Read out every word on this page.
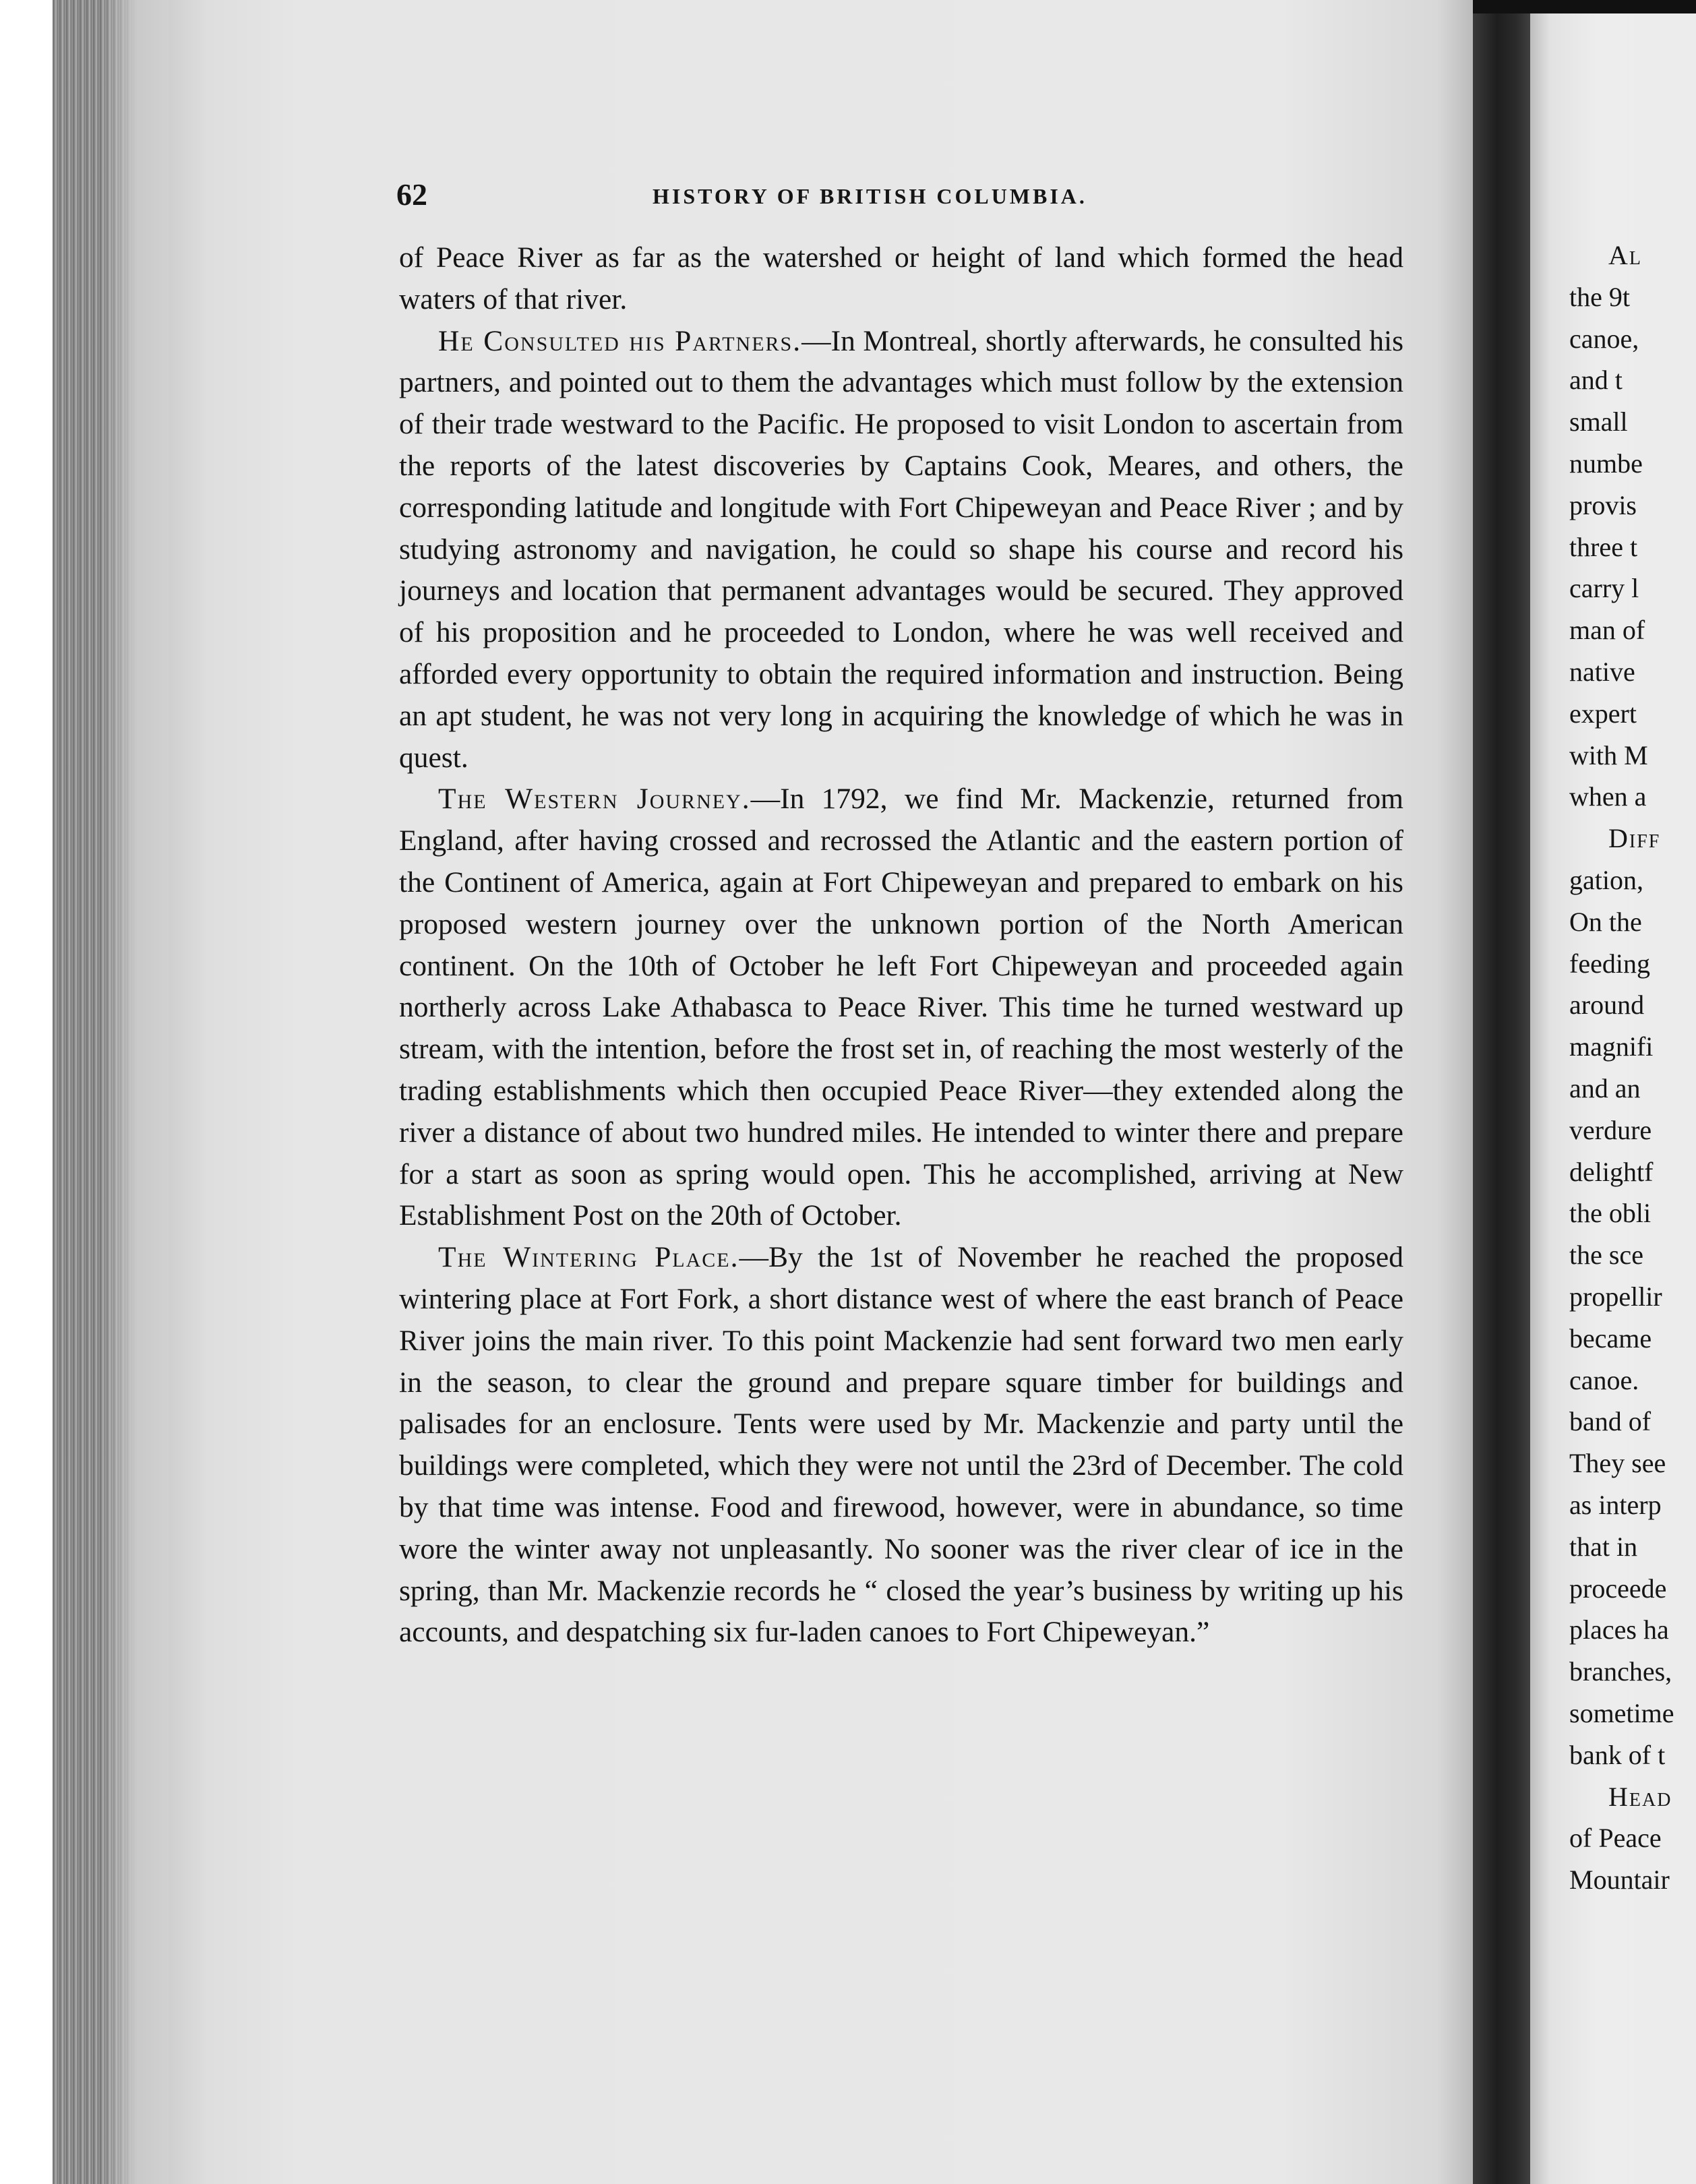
62	HISTORY OF BRITISH COLUMBIA.

of Peace River as far as the watershed or height of land which formed the head waters of that river.

He Consulted his Partners.—In Montreal, shortly afterwards, he consulted his partners, and pointed out to them the advantages which must follow by the extension of their trade westward to the Pacific. He proposed to visit London to ascertain from the reports of the latest discoveries by Captains Cook, Meares, and others, the corresponding latitude and longitude with Fort Chipeweyan and Peace River ; and by studying astronomy and navigation, he could so shape his course and record his journeys and location that permanent advantages would be secured. They approved of his proposition and he proceeded to London, where he was well received and afforded every opportunity to obtain the required information and instruction. Being an apt student, he was not very long in acquiring the knowledge of which he was in quest.

The Western Journey.—In 1792, we find Mr. Mackenzie, returned from England, after having crossed and recrossed the Atlantic and the eastern portion of the Continent of America, again at Fort Chipeweyan and prepared to embark on his proposed western journey over the unknown portion of the North American continent. On the 10th of October he left Fort Chipeweyan and proceeded again northerly across Lake Athabasca to Peace River. This time he turned westward up stream, with the intention, before the frost set in, of reaching the most westerly of the trading establishments which then occupied Peace River—they extended along the river a distance of about two hundred miles. He intended to winter there and prepare for a start as soon as spring would open. This he accomplished, arriving at New Establishment Post on the 20th of October.

The Wintering Place.—By the 1st of November he reached the proposed wintering place at Fort Fork, a short distance west of where the east branch of Peace River joins the main river. To this point Mackenzie had sent forward two men early in the season, to clear the ground and prepare square timber for buildings and palisades for an enclosure. Tents were used by Mr. Mackenzie and party until the buildings were completed, which they were not until the 23rd of December. The cold by that time was intense. Food and firewood, however, were in abundance, so time wore the winter away not unpleasantly. No sooner was the river clear of ice in the spring, than Mr. Mackenzie records he “ closed the year’s business by writing up his accounts, and despatching six fur-laden canoes to Fort Chipeweyan.”

Al
the 9t
canoe,
and t
small
numbe
provis
three t
carry l
man of
native
expert
with M
when a
Diff
gation,
On the
feeding
around
magnifi
and an
verdure
delightf
the obli
the sce
propellir
became
canoe.
band of
They see
as interp
that in
proceede
places ha
branches,
sometime
bank of t
Head
of Peace
Mountair
